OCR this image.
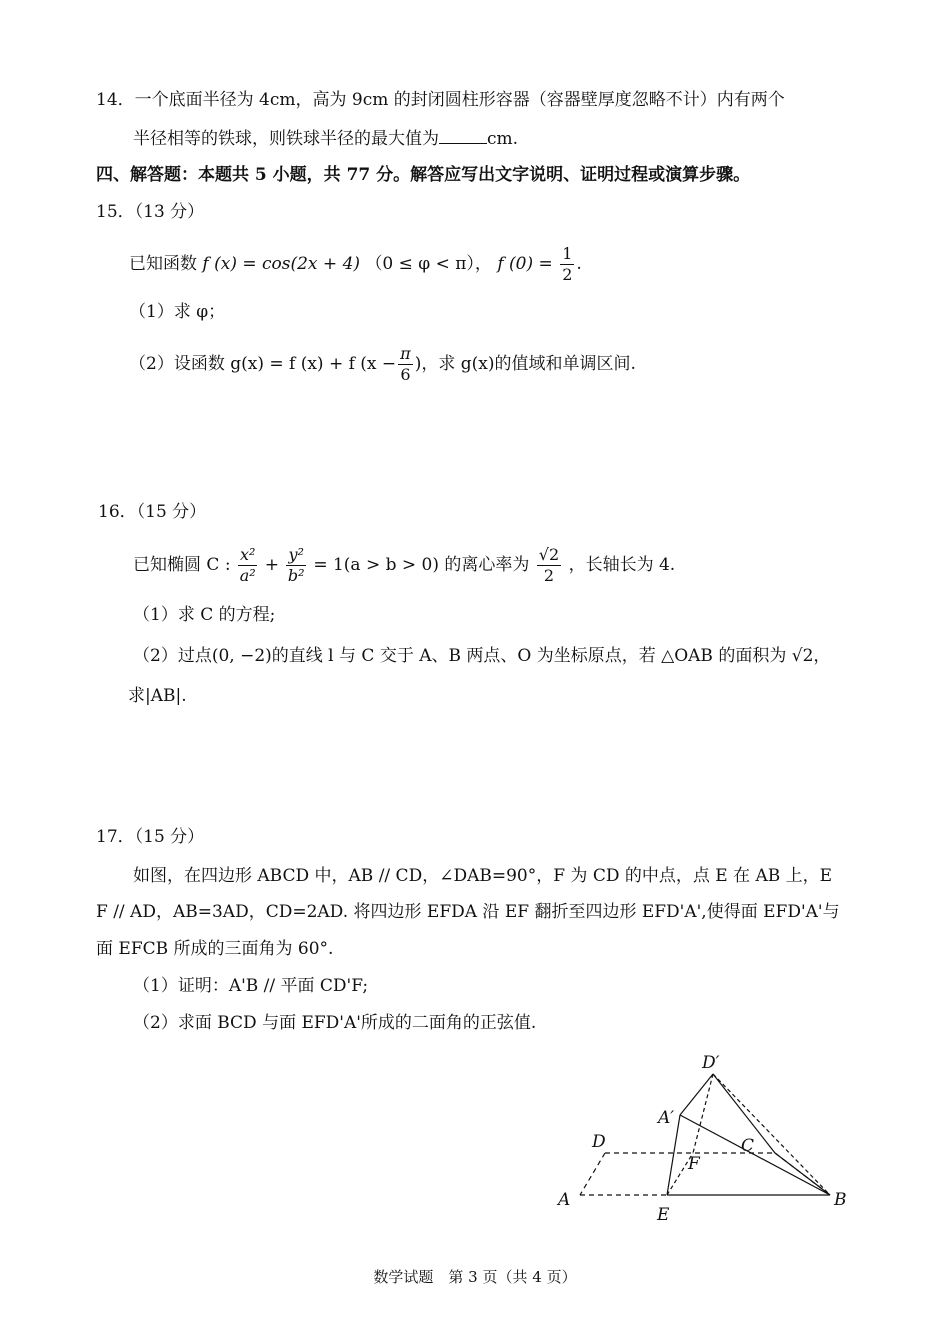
14．一个底面半径为 4cm，高为 9cm 的封闭圆柱形容器（容器壁厚度忽略不计）内有两个
半径相等的铁球，则铁球半径的最大值为	cm.
四、解答题：本题共 5 小题，共 77 分。解答应写出文字说明、证明过程或演算步骤。
15．（13 分）
已知函数 f (x) = cos(2x + 4) （0 ≤ φ < π）， f $(0) = \frac{1}{2}$ .
（1）求 φ；
（2）设函数 g(x) = f (x) + f ($x - \frac{\pi}{6}$ )，求 g(x)的值域和单调区间.
16．（15 分）
已知椭圆 C : $\frac{\text{x²}}{\text{a²}} + \frac{\text{y²}}{\text{b²}} = 1(a > b > 0)$ 的离心率为 $\frac{√2}{2}$ ，长轴长为 4.
（1）求 C 的方程;
（2）过点(0, −2)的直线 l 与 C 交于 A、B 两点、O 为坐标原点，若 △OAB 的面积为 √2，
求|AB|.
17．（15 分）
如图，在四边形 ABCD 中，AB // CD，∠DAB=90°，F 为 CD 的中点，点 E 在 AB 上，E
F // AD，AB=3AD，CD=2AD. 将四边形 EFDA 沿 EF 翻折至四边形 EFD'A',使得面 EFD'A'与
面 EFCB 所成的三面角为 60°.
（1）证明：A'B // 平面 CD'F;
（2）求面 BCD 与面 EFD'A'所成的二面角的正弦值.
D′
A′
D	C
F
A
E
B
数学试题　第 3 页（共 4 页）
